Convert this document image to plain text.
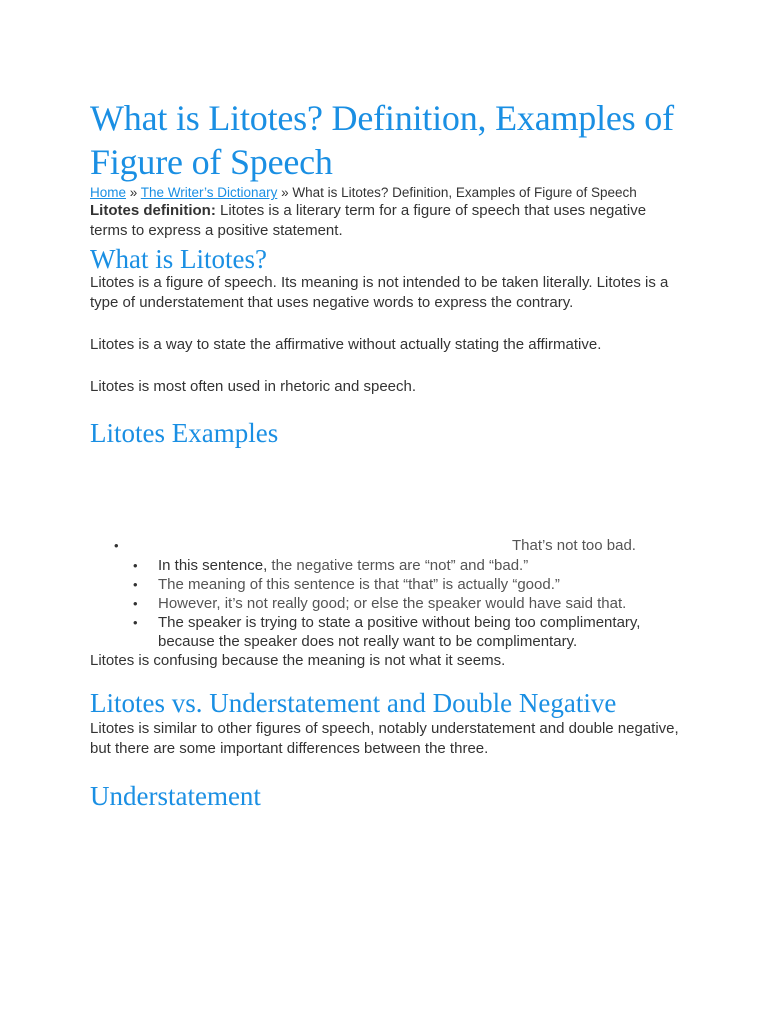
What is Litotes? Definition, Examples of Figure of Speech
Home » The Writer’s Dictionary » What is Litotes? Definition, Examples of Figure of Speech

Litotes definition: Litotes is a literary term for a figure of speech that uses negative terms to express a positive statement.

What is Litotes?

Litotes is a figure of speech. Its meaning is not intended to be taken literally. Litotes is a type of understatement that uses negative words to express the contrary.

Litotes is a way to state the affirmative without actually stating the affirmative.

Litotes is most often used in rhetoric and speech.

Litotes Examples
•	That’s not too bad.
• In this sentence, the negative terms are “not” and “bad.”
• The meaning of this sentence is that “that” is actually “good.”
• However, it’s not really good; or else the speaker would have said that.
• The speaker is trying to state a positive without being too complimentary, because the speaker does not really want to be complimentary.

Litotes is confusing because the meaning is not what it seems.

Litotes vs. Understatement and Double Negative

Litotes is similar to other figures of speech, notably understatement and double negative, but there are some important differences between the three.

Understatement
